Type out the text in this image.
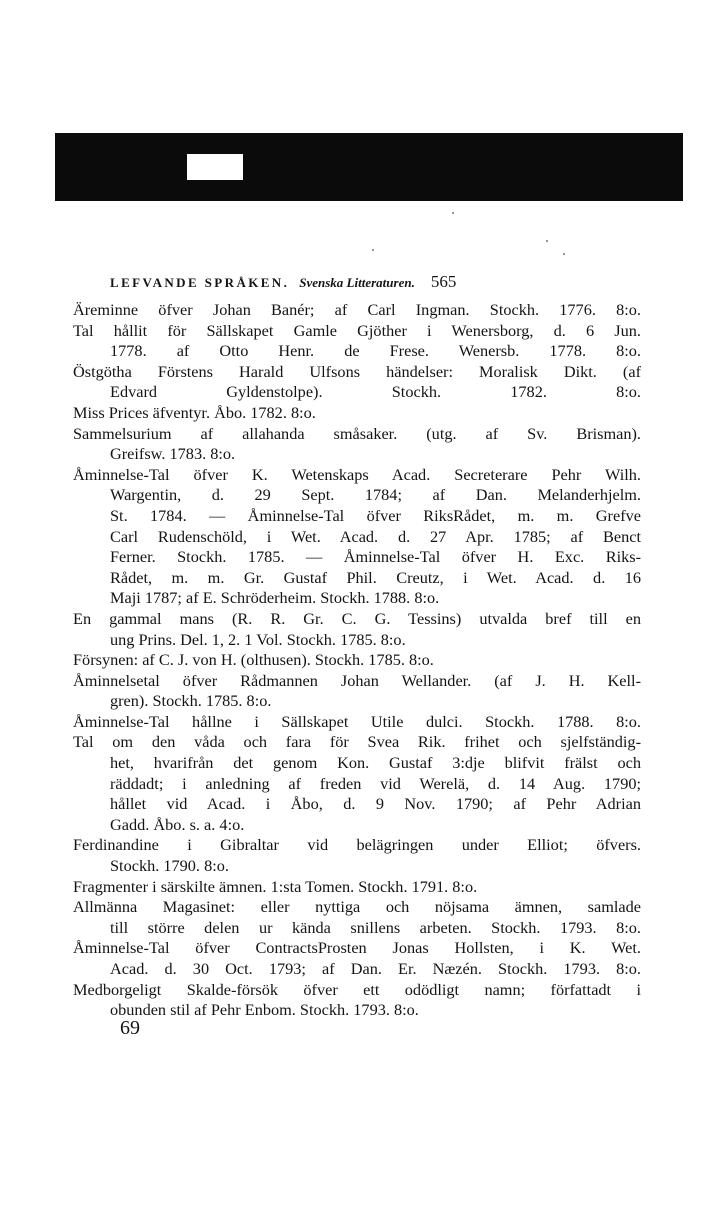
LEFVANDE SPRÅKEN. Svenska Litteraturen. 565
Äreminne öfver Johan Banér; af Carl Ingman. Stockh. 1776. 8:o.
Tal hållit för Sällskapet Gamle Gjöther i Wenersborg, d. 6 Jun.
1778. af Otto Henr. de Frese. Wenersb. 1778. 8:o.
Östgötha Förstens Harald Ulfsons händelser: Moralisk Dikt. (af
Edvard Gyldenstolpe). Stockh. 1782. 8:o.
Miss Prices äfventyr. Åbo. 1782. 8:o.
Sammelsurium af allahanda småsaker. (utg. af Sv. Brisman).
Greifsw. 1783. 8:o.
Åminnelse-Tal öfver K. Wetenskaps Acad. Secreterare Pehr Wilh.
Wargentin, d. 29 Sept. 1784; af Dan. Melanderhjelm.
St. 1784. — Åminnelse-Tal öfver RiksRådet, m. m. Grefve
Carl Rudenschöld, i Wet. Acad. d. 27 Apr. 1785; af Benct
Ferner. Stockh. 1785. — Åminnelse-Tal öfver H. Exc. Riks-
Rådet, m. m. Gr. Gustaf Phil. Creutz, i Wet. Acad. d. 16
Maji 1787; af E. Schröderheim. Stockh. 1788. 8:o.
En gammal mans (R. R. Gr. C. G. Tessins) utvalda bref till en
ung Prins. Del. 1, 2. 1 Vol. Stockh. 1785. 8:o.
Försynen: af C. J. von H. (olthusen). Stockh. 1785. 8:o.
Åminnelsetal öfver Rådmannen Johan Wellander. (af J. H. Kell-
gren). Stockh. 1785. 8:o.
Åminnelse-Tal hållne i Sällskapet Utile dulci. Stockh. 1788. 8:o.
Tal om den våda och fara för Svea Rik. frihet och sjelfständig-
het, hvarifrån det genom Kon. Gustaf 3:dje blifvit frälst och
räddadt; i anledning af freden vid Werelä, d. 14 Aug. 1790;
hållet vid Acad. i Åbo, d. 9 Nov. 1790; af Pehr Adrian
Gadd. Åbo. s. a. 4:o.
Ferdinandine i Gibraltar vid belägringen under Elliot; öfvers.
Stockh. 1790. 8:o.
Fragmenter i särskilte ämnen. 1:sta Tomen. Stockh. 1791. 8:o.
Allmänna Magasinet: eller nyttiga och nöjsama ämnen, samlade
till större delen ur kända snillens arbeten. Stockh. 1793. 8:o.
Åminnelse-Tal öfver ContractsProsten Jonas Hollsten, i K. Wet.
Acad. d. 30 Oct. 1793; af Dan. Er. Næzén. Stockh. 1793. 8:o.
Medborgeligt Skalde-försök öfver ett odödligt namn; författadt i
obunden stil af Pehr Enbom. Stockh. 1793. 8:o.
69
